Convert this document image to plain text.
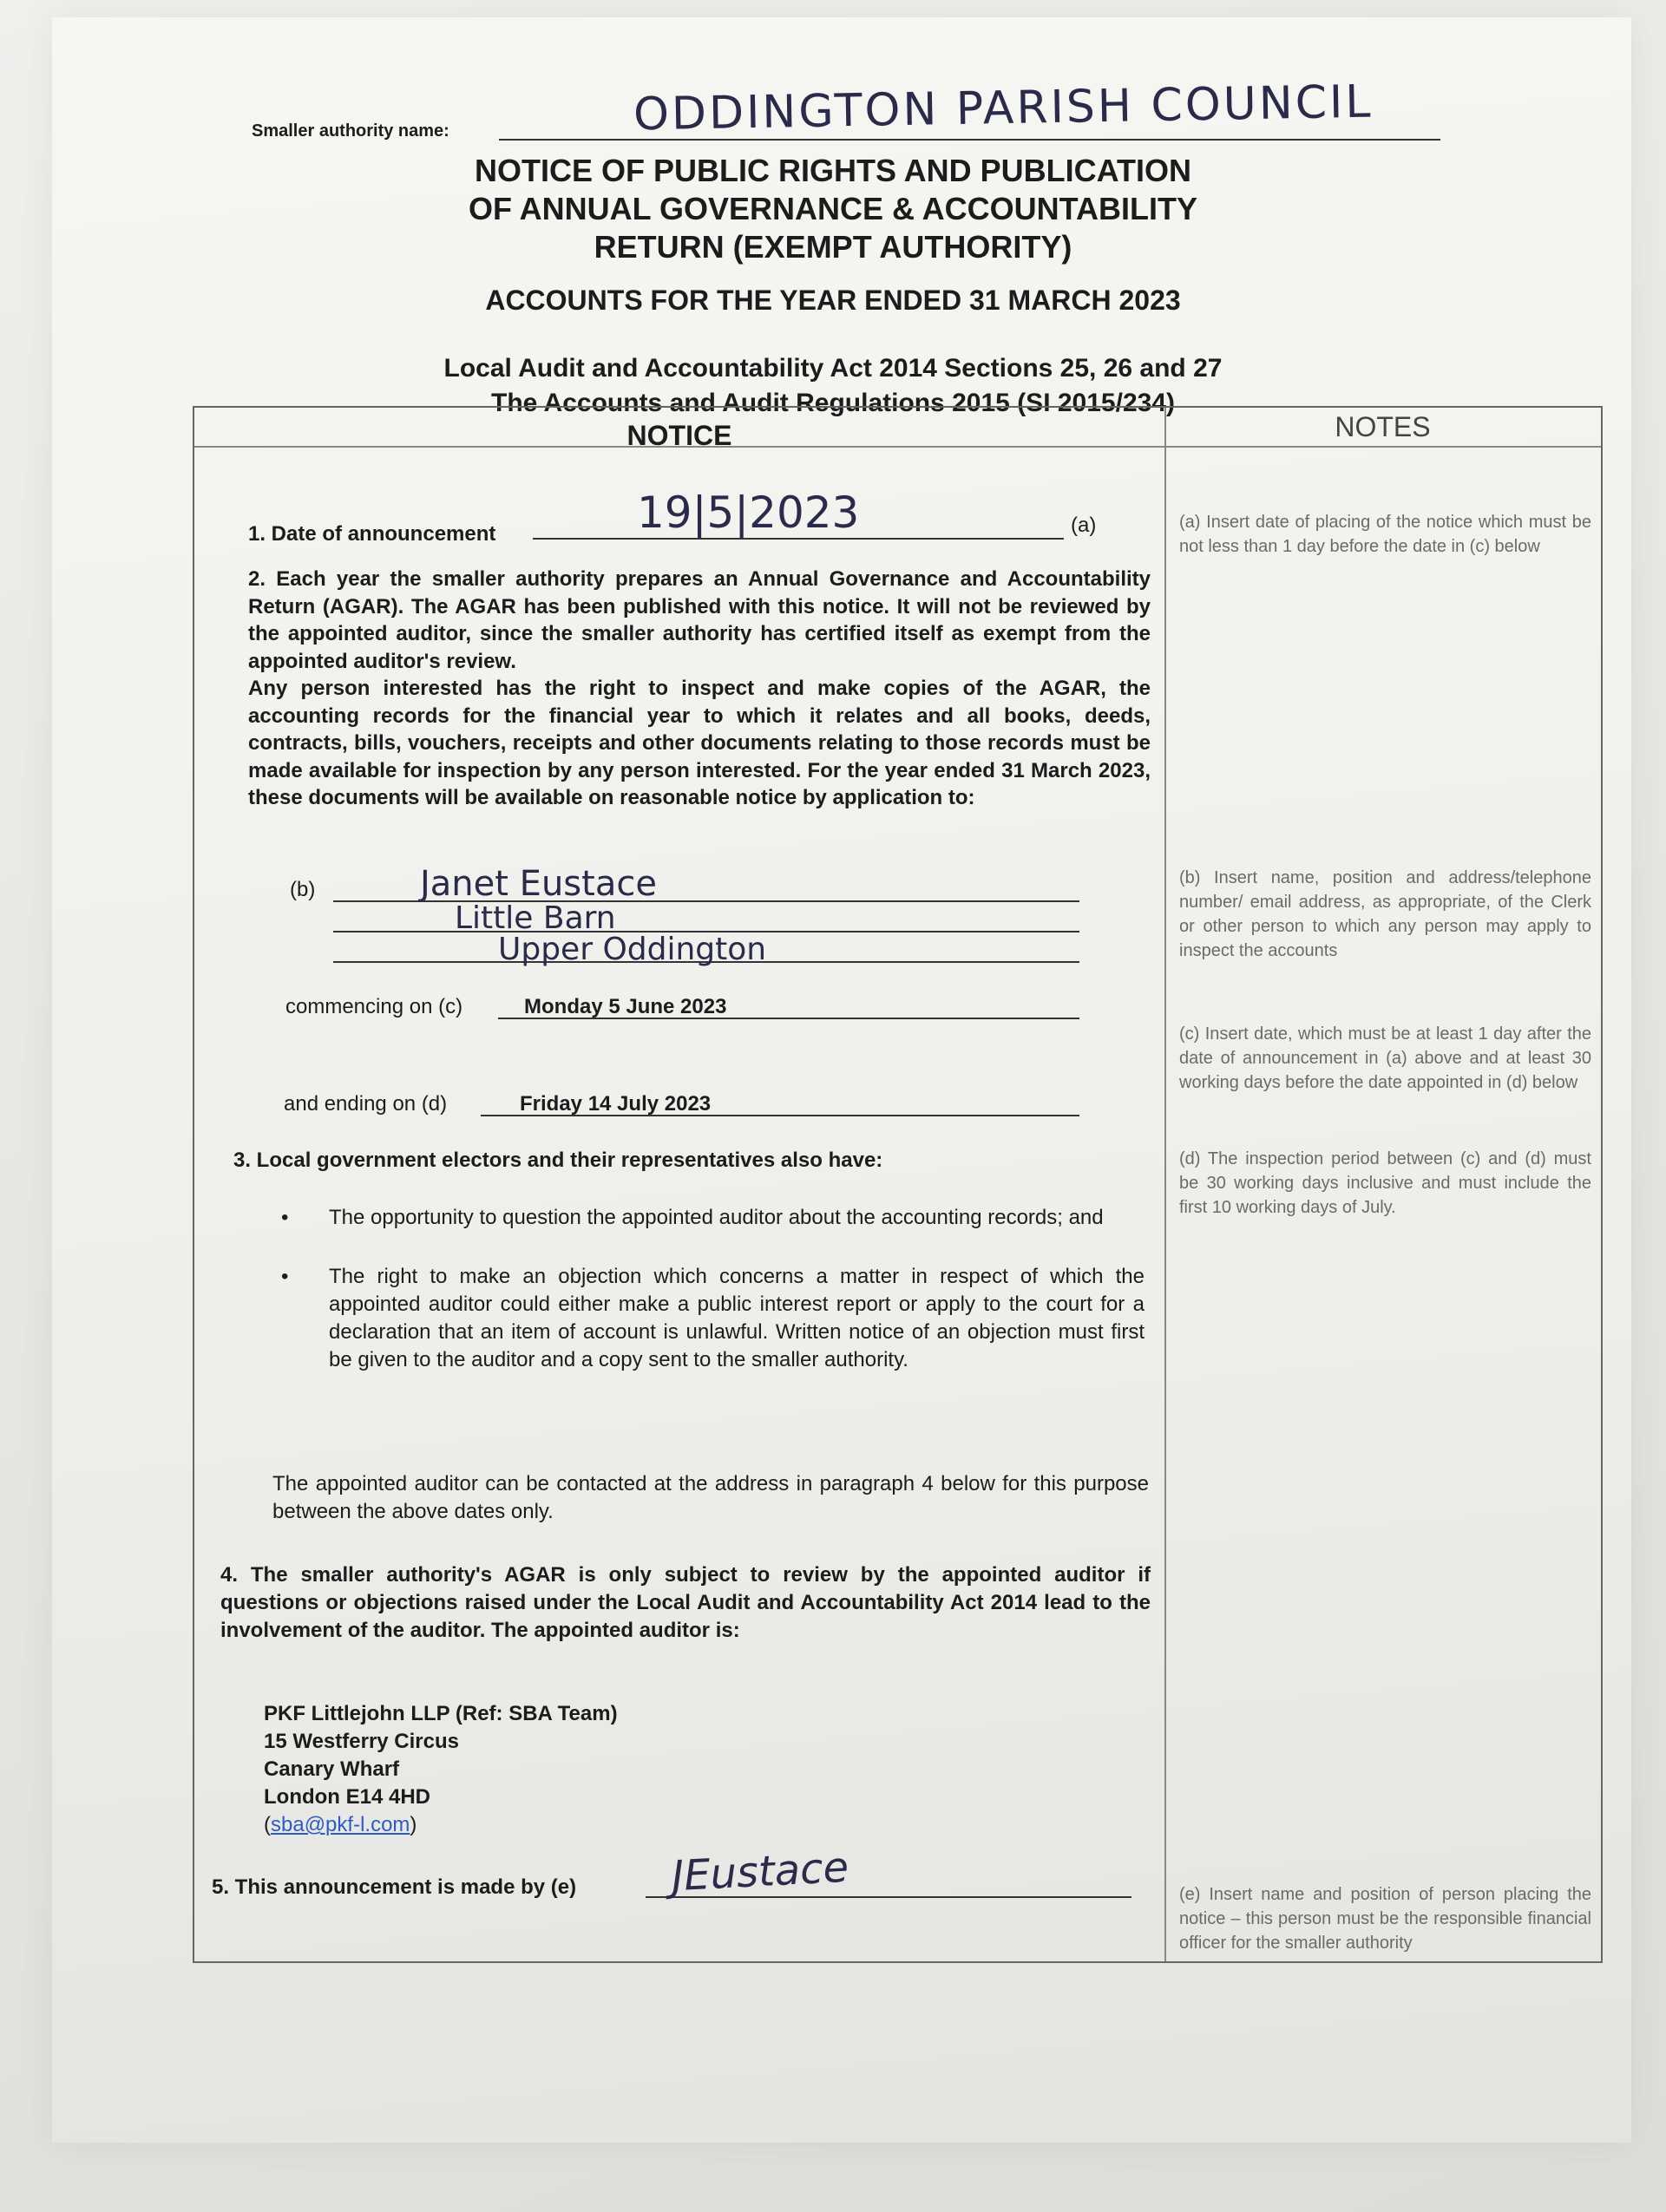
Smaller authority name:	ODDINGTON PARISH COUNCIL
NOTICE OF PUBLIC RIGHTS AND PUBLICATION
OF ANNUAL GOVERNANCE & ACCOUNTABILITY
RETURN (EXEMPT AUTHORITY)
ACCOUNTS FOR THE YEAR ENDED 31 MARCH 2023
Local Audit and Accountability Act 2014 Sections 25, 26 and 27
The Accounts and Audit Regulations 2015 (SI 2015/234)
NOTICE	NOTES
1. Date of announcement	19|5|2023	(a)
2. Each year the smaller authority prepares an Annual Governance and Accountability Return (AGAR). The AGAR has been published with this notice. It will not be reviewed by the appointed auditor, since the smaller authority has certified itself as exempt from the appointed auditor's review.
Any person interested has the right to inspect and make copies of the AGAR, the accounting records for the financial year to which it relates and all books, deeds, contracts, bills, vouchers, receipts and other documents relating to those records must be made available for inspection by any person interested. For the year ended 31 March 2023, these documents will be available on reasonable notice by application to:
(b)	Janet Eustace
Little Barn
Upper Oddington
commencing on (c)	Monday 5 June 2023
and ending on (d)	Friday 14 July 2023
3. Local government electors and their representatives also have:
• The opportunity to question the appointed auditor about the accounting records; and
• The right to make an objection which concerns a matter in respect of which the appointed auditor could either make a public interest report or apply to the court for a declaration that an item of account is unlawful. Written notice of an objection must first be given to the auditor and a copy sent to the smaller authority.
The appointed auditor can be contacted at the address in paragraph 4 below for this purpose between the above dates only.
4. The smaller authority's AGAR is only subject to review by the appointed auditor if questions or objections raised under the Local Audit and Accountability Act 2014 lead to the involvement of the auditor. The appointed auditor is:
PKF Littlejohn LLP (Ref: SBA Team)
15 Westferry Circus
Canary Wharf
London E14 4HD
(sba@pkf-l.com)
5. This announcement is made by (e) JEustace
(a) Insert date of placing of the notice which must be not less than 1 day before the date in (c) below
(b) Insert name, position and address/telephone number/ email address, as appropriate, of the Clerk or other person to which any person may apply to inspect the accounts
(c) Insert date, which must be at least 1 day after the date of announcement in (a) above and at least 30 working days before the date appointed in (d) below
(d) The inspection period between (c) and (d) must be 30 working days inclusive and must include the first 10 working days of July.
(e) Insert name and position of person placing the notice – this person must be the responsible financial officer for the smaller authority
